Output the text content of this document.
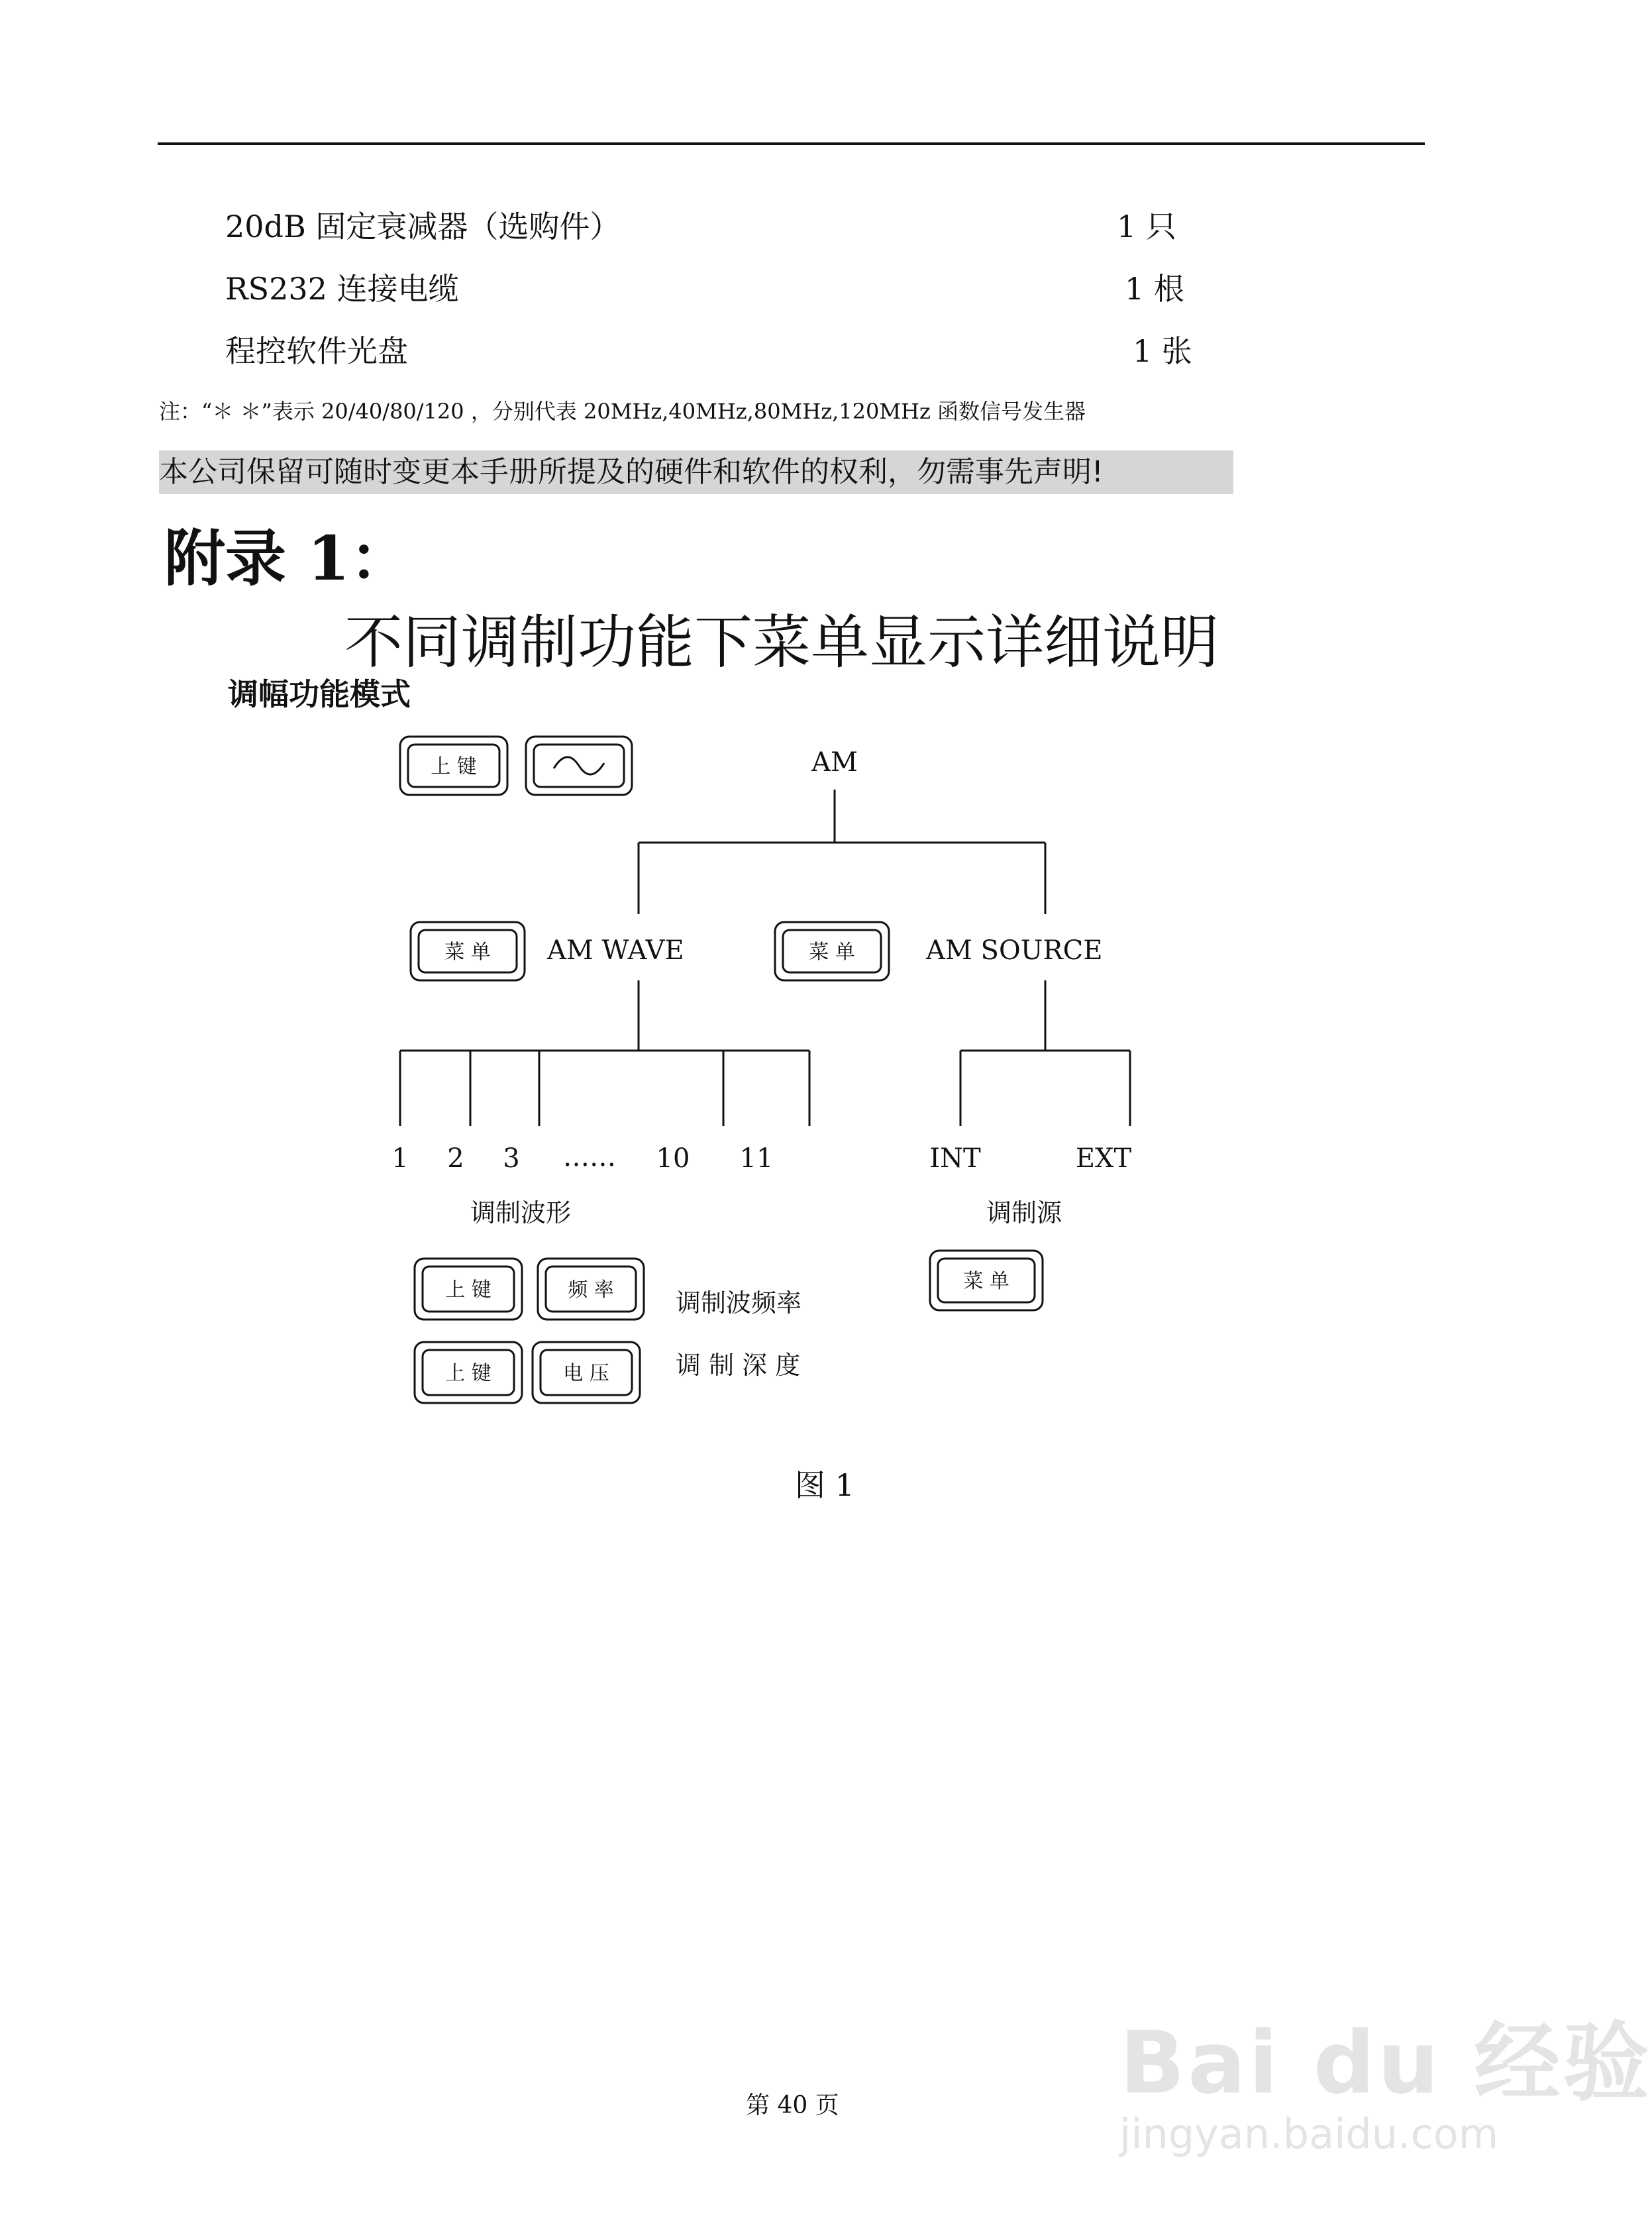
20dB 固定衰减器（选购件）	1 只
RS232 连接电缆	1 根
程控软件光盘	1 张
注：“＊ ＊”表示 20/40/80/120 ，分别代表 20MHz,40MHz,80MHz,120MHz 函数信号发生器
本公司保留可随时变更本手册所提及的硬件和软件的权利，勿需事先声明!
附录 1：
不同调制功能下菜单显示详细说明
调幅功能模式
上 键
菜 单	菜 单
上 键	频 率
上 键	电 压
菜 单
AM
AM WAVE	AM SOURCE
1 2 3 …… 10 11
调制波形
INT	EXT
调制源
调制波频率
调 制 深 度
图 1
第 40 页	Bai du 经验
jingyan.baidu.com
